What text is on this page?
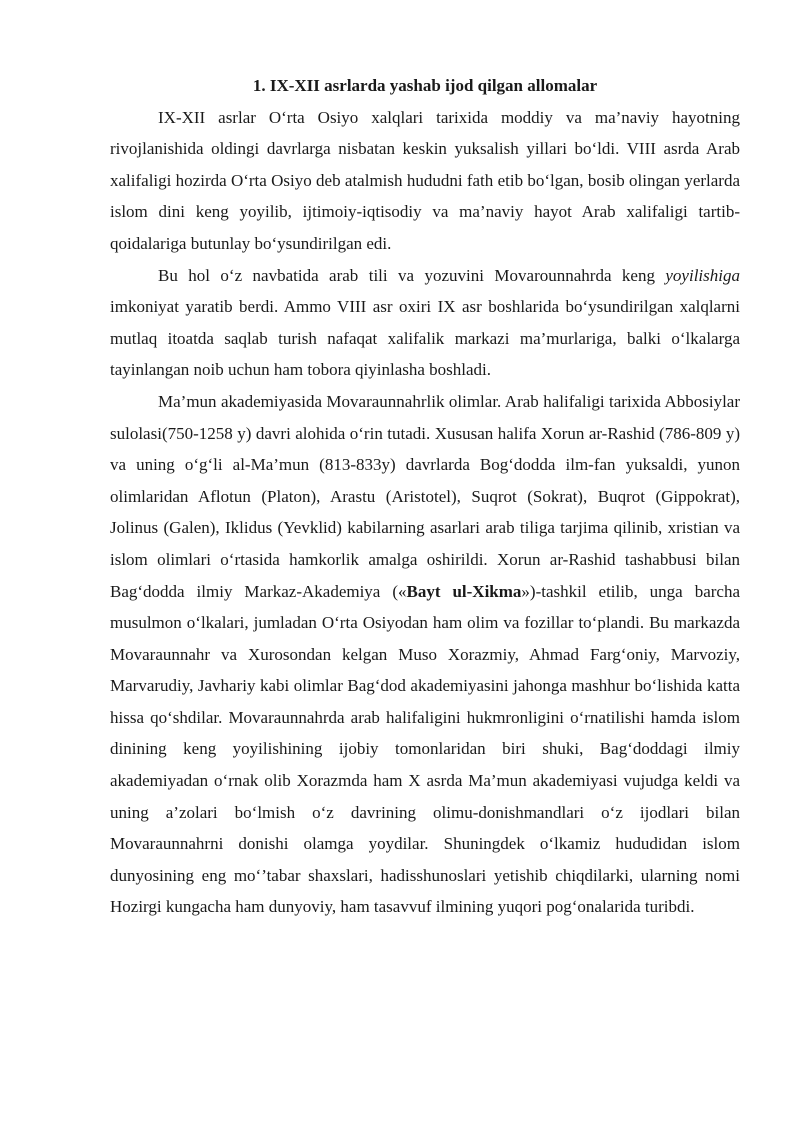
1. IX-XII asrlarda yashab ijod qilgan allomalar

IX-XII asrlar O‘rta Osiyo xalqlari tarixida moddiy va ma’naviy hayotning rivojlanishida oldingi davrlarga nisbatan keskin yuksalish yillari bo‘ldi. VIII asrda Arab xalifaligi hozirda O‘rta Osiyo deb atalmish hududni fath etib bo‘lgan, bosib olingan yerlarda islom dini keng yoyilib, ijtimoiy-iqtisodiy va ma’naviy hayot Arab xalifaligi tartib-qoidalariga butunlay bo‘ysundirilgan edi.

Bu hol o‘z navbatida arab tili va yozuvini Movarounnahrda keng yoyilishiga imkoniyat yaratib berdi. Ammo VIII asr oxiri IX asr boshlarida bo‘ysundirilgan xalqlarni mutlaq itoatda saqlab turish nafaqat xalifalik markazi ma’murlariga, balki o‘lkalarga tayinlangan noib uchun ham tobora qiyinlasha boshladi.

Ma’mun akademiyasida Movaraunnahrlik olimlar. Arab halifaligi tarixida Abbosiylar sulolasi(750-1258 y) davri alohida o‘rin tutadi. Xususan halifa Xorun ar-Rashid (786-809 y) va uning o‘g‘li al-Ma’mun (813-833y) davrlarda Bog‘dodda ilm-fan yuksaldi, yunon olimlaridan Aflotun (Platon), Arastu (Aristotel), Suqrot (Sokrat), Buqrot (Gippokrat), Jolinus (Galen), Iklidus (Yevklid) kabilarning asarlari arab tiliga tarjima qilinib, xristian va islom olimlari o‘rtasida hamkorlik amalga oshirildi. Xorun ar-Rashid tashabbusi bilan Bag‘dodda ilmiy Markaz-Akademiya («Bayt ul-Xikma»)-tashkil etilib, unga barcha musulmon o‘lkalari, jumladan O‘rta Osiyodan ham olim va fozillar to‘plandi. Bu markazda Movaraunnahr va Xurosondan kelgan Muso Xorazmiy, Ahmad Farg‘oniy, Marvoziy, Marvarudiy, Javhariy kabi olimlar Bag‘dod akademiyasini jahonga mashhur bo‘lishida katta hissa qo‘shdilar. Movaraunnahrda arab halifaligini hukmronligini o‘rnatilishi hamda islom dinining keng yoyilishining ijobiy tomonlaridan biri shuki, Bag‘doddagi ilmiy akademiyadan o‘rnak olib Xorazmda ham X asrda Ma’mun akademiyasi vujudga keldi va uning a’zolari bo‘lmish o‘z davrining olimu-donishmandlari o‘z ijodlari bilan Movaraunnahrni donishi olamga yoydilar. Shuningdek o‘lkamiz hududidan islom dunyosining eng mo‘’tabar shaxslari, hadisshunoslari yetishib chiqdilarki, ularning nomi Hozirgi kungacha ham dunyoviy, ham tasavvuf ilmining yuqori pog‘onalarida turibdi.
